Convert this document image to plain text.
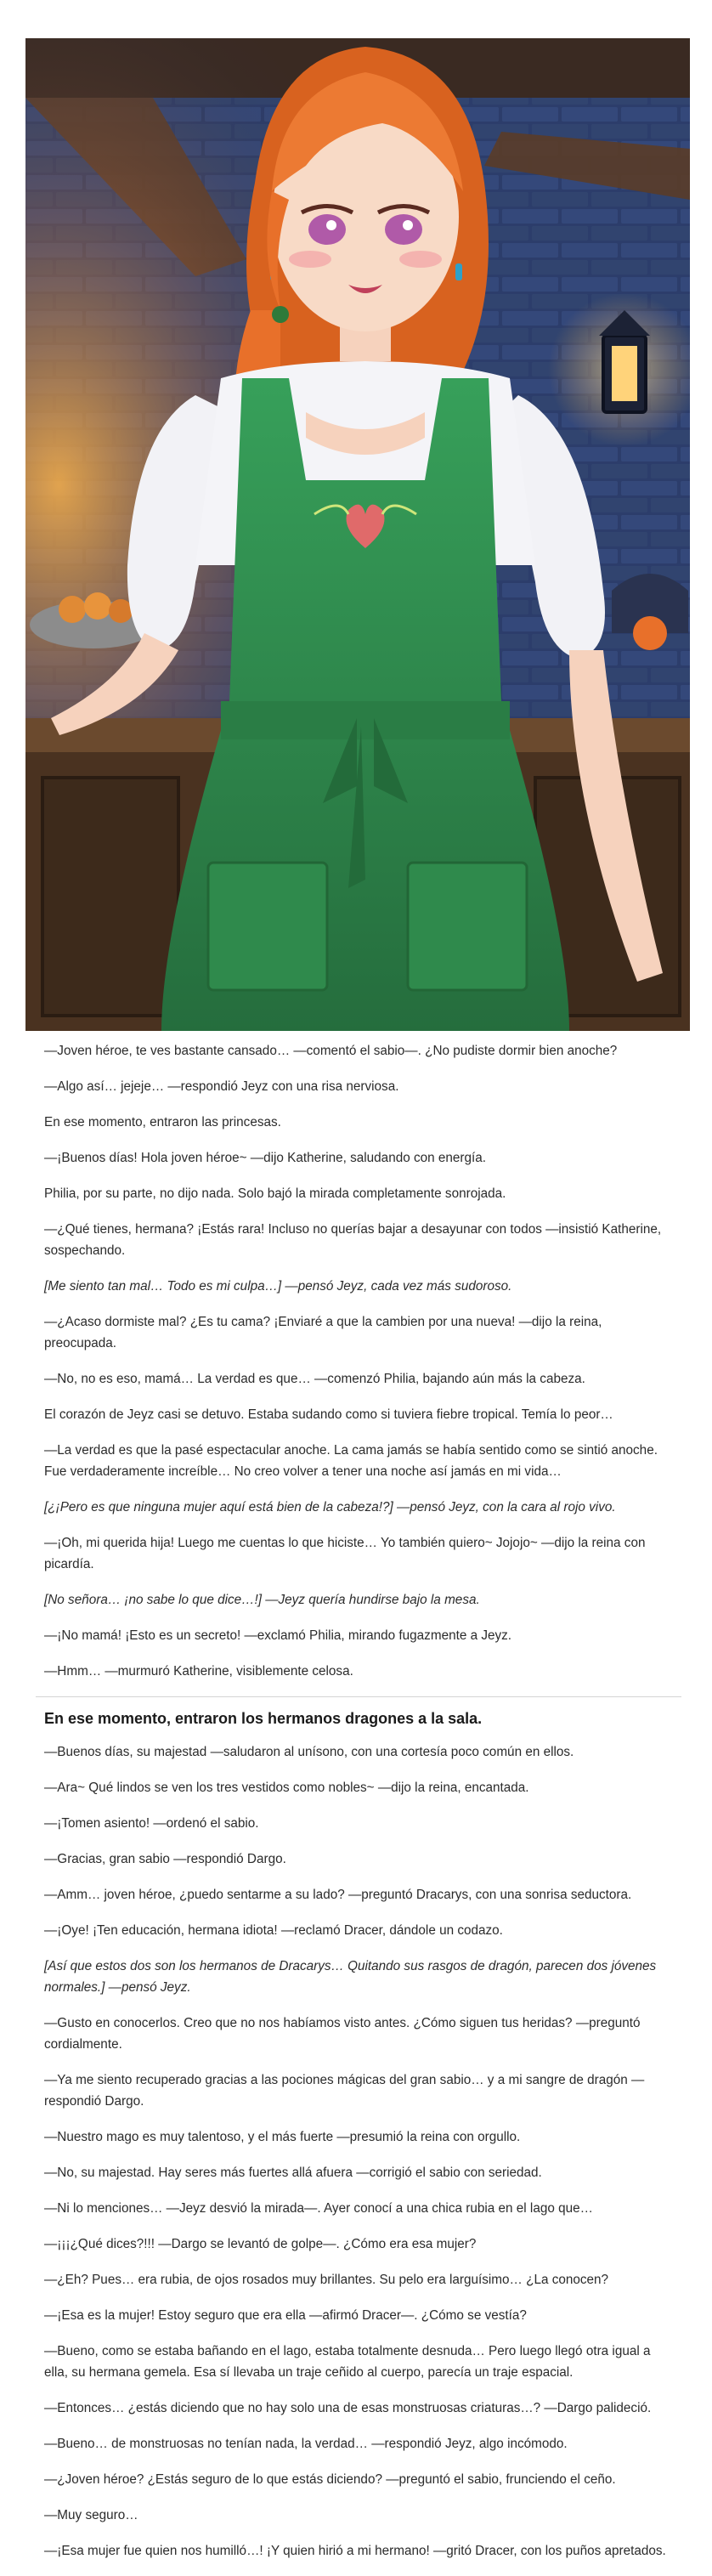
—Joven héroe, te ves bastante cansado… —comentó el sabio—. ¿No pudiste dormir bien anoche?

—Algo así… jejeje… —respondió Jeyz con una risa nerviosa.

En ese momento, entraron las princesas.

—¡Buenos días! Hola joven héroe~ —dijo Katherine, saludando con energía.

Philia, por su parte, no dijo nada. Solo bajó la mirada completamente sonrojada.

—¿Qué tienes, hermana? ¡Estás rara! Incluso no querías bajar a desayunar con todos —insistió Katherine, sospechando.

[Me siento tan mal… Todo es mi culpa…] —pensó Jeyz, cada vez más sudoroso.

—¿Acaso dormiste mal? ¿Es tu cama? ¡Enviaré a que la cambien por una nueva! —dijo la reina, preocupada.

—No, no es eso, mamá… La verdad es que… —comenzó Philia, bajando aún más la cabeza.

El corazón de Jeyz casi se detuvo. Estaba sudando como si tuviera fiebre tropical. Temía lo peor…

—La verdad es que la pasé espectacular anoche. La cama jamás se había sentido como se sintió anoche. Fue verdaderamente increíble… No creo volver a tener una noche así jamás en mi vida…

[¿¡Pero es que ninguna mujer aquí está bien de la cabeza!?] —pensó Jeyz, con la cara al rojo vivo.

—¡Oh, mi querida hija! Luego me cuentas lo que hiciste… Yo también quiero~ Jojojo~ —dijo la reina con picardía.

[No señora… ¡no sabe lo que dice…!] —Jeyz quería hundirse bajo la mesa.

—¡No mamá! ¡Esto es un secreto! —exclamó Philia, mirando fugazmente a Jeyz.

—Hmm… —murmuró Katherine, visiblemente celosa.

En ese momento, entraron los hermanos dragones a la sala.

—Buenos días, su majestad —saludaron al unísono, con una cortesía poco común en ellos.

—Ara~ Qué lindos se ven los tres vestidos como nobles~ —dijo la reina, encantada.

—¡Tomen asiento! —ordenó el sabio.

—Gracias, gran sabio —respondió Dargo.

—Amm… joven héroe, ¿puedo sentarme a su lado? —preguntó Dracarys, con una sonrisa seductora.

—¡Oye! ¡Ten educación, hermana idiota! —reclamó Dracer, dándole un codazo.

[Así que estos dos son los hermanos de Dracarys… Quitando sus rasgos de dragón, parecen dos jóvenes normales.] —pensó Jeyz.

—Gusto en conocerlos. Creo que no nos habíamos visto antes. ¿Cómo siguen tus heridas? —preguntó cordialmente.

—Ya me siento recuperado gracias a las pociones mágicas del gran sabio… y a mi sangre de dragón —respondió Dargo.

—Nuestro mago es muy talentoso, y el más fuerte —presumió la reina con orgullo.

—No, su majestad. Hay seres más fuertes allá afuera —corrigió el sabio con seriedad.

—Ni lo menciones… —Jeyz desvió la mirada—. Ayer conocí a una chica rubia en el lago que…

—¡¡¡¿Qué dices?!!! —Dargo se levantó de golpe—. ¿Cómo era esa mujer?

—¿Eh? Pues… era rubia, de ojos rosados muy brillantes. Su pelo era larguísimo… ¿La conocen?

—¡Esa es la mujer! Estoy seguro que era ella —afirmó Dracer—. ¿Cómo se vestía?

—Bueno, como se estaba bañando en el lago, estaba totalmente desnuda… Pero luego llegó otra igual a ella, su hermana gemela. Esa sí llevaba un traje ceñido al cuerpo, parecía un traje espacial.

—Entonces… ¿estás diciendo que no hay solo una de esas monstruosas criaturas…? —Dargo palideció.

—Bueno… de monstruosas no tenían nada, la verdad… —respondió Jeyz, algo incómodo.

—¿Joven héroe? ¿Estás seguro de lo que estás diciendo? —preguntó el sabio, frunciendo el ceño.

—Muy seguro…

—¡Esa mujer fue quien nos humilló…! ¡Y quien hirió a mi hermano! —gritó Dracer, con los puños apretados.
